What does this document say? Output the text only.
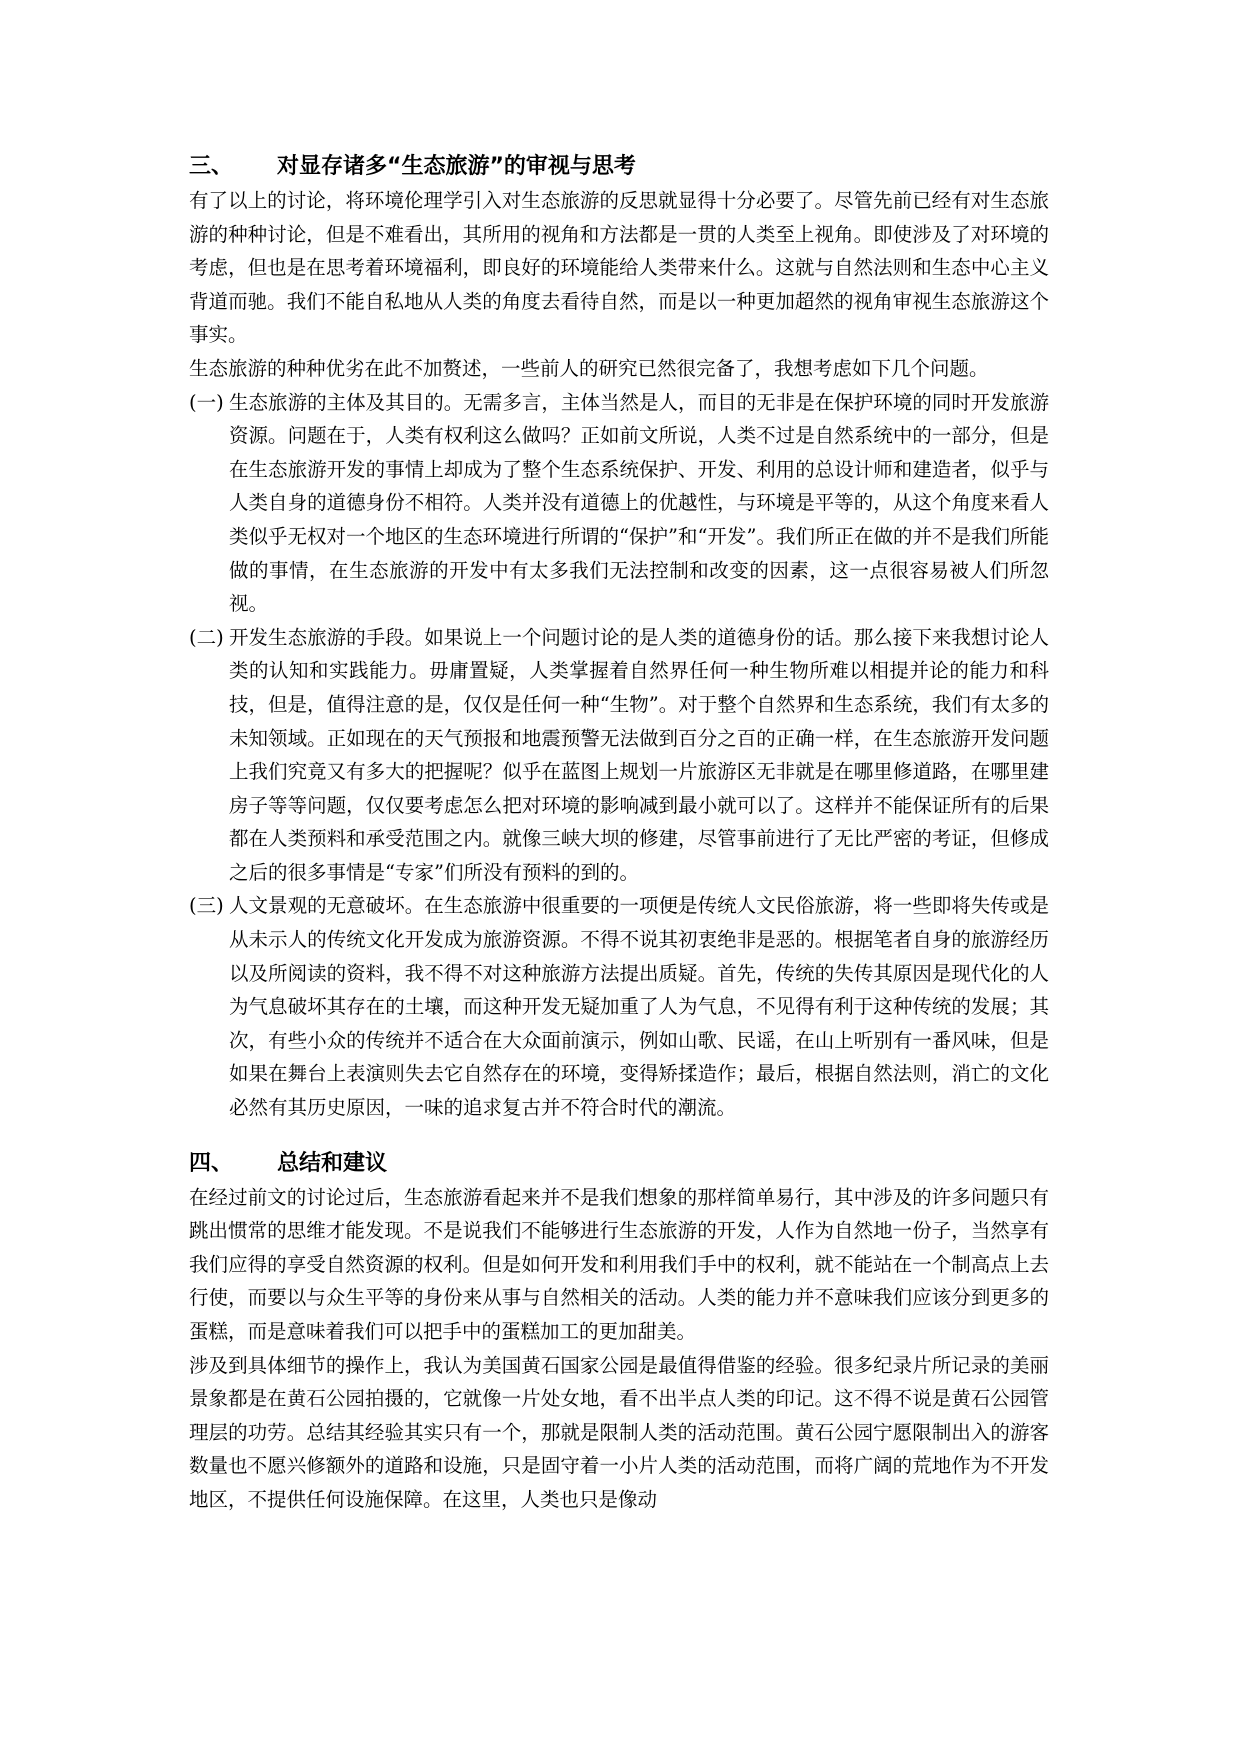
三、	对显存诸多“生态旅游”的审视与思考

有了以上的讨论，将环境伦理学引入对生态旅游的反思就显得十分必要了。尽管先前已经有对生态旅游的种种讨论，但是不难看出，其所用的视角和方法都是一贯的人类至上视角。即使涉及了对环境的考虑，但也是在思考着环境福利，即良好的环境能给人类带来什么。这就与自然法则和生态中心主义背道而驰。我们不能自私地从人类的角度去看待自然，而是以一种更加超然的视角审视生态旅游这个事实。

生态旅游的种种优劣在此不加赘述，一些前人的研究已然很完备了，我想考虑如下几个问题。

(一) 生态旅游的主体及其目的。无需多言，主体当然是人，而目的无非是在保护环境的同时开发旅游资源。问题在于，人类有权利这么做吗？正如前文所说，人类不过是自然系统中的一部分，但是在生态旅游开发的事情上却成为了整个生态系统保护、开发、利用的总设计师和建造者，似乎与人类自身的道德身份不相符。人类并没有道德上的优越性，与环境是平等的，从这个角度来看人类似乎无权对一个地区的生态环境进行所谓的“保护”和“开发”。我们所正在做的并不是我们所能做的事情，在生态旅游的开发中有太多我们无法控制和改变的因素，这一点很容易被人们所忽视。
(二) 开发生态旅游的手段。如果说上一个问题讨论的是人类的道德身份的话。那么接下来我想讨论人类的认知和实践能力。毋庸置疑，人类掌握着自然界任何一种生物所难以相提并论的能力和科技，但是，值得注意的是，仅仅是任何一种“生物”。对于整个自然界和生态系统，我们有太多的未知领域。正如现在的天气预报和地震预警无法做到百分之百的正确一样，在生态旅游开发问题上我们究竟又有多大的把握呢？似乎在蓝图上规划一片旅游区无非就是在哪里修道路，在哪里建房子等等问题，仅仅要考虑怎么把对环境的影响减到最小就可以了。这样并不能保证所有的后果都在人类预料和承受范围之内。就像三峡大坝的修建，尽管事前进行了无比严密的考证，但修成之后的很多事情是“专家”们所没有预料的到的。
(三) 人文景观的无意破坏。在生态旅游中很重要的一项便是传统人文民俗旅游，将一些即将失传或是从未示人的传统文化开发成为旅游资源。不得不说其初衷绝非是恶的。根据笔者自身的旅游经历以及所阅读的资料，我不得不对这种旅游方法提出质疑。首先，传统的失传其原因是现代化的人为气息破坏其存在的土壤，而这种开发无疑加重了人为气息，不见得有利于这种传统的发展；其次，有些小众的传统并不适合在大众面前演示，例如山歌、民谣，在山上听别有一番风味，但是如果在舞台上表演则失去它自然存在的环境，变得矫揉造作；最后，根据自然法则，消亡的文化必然有其历史原因，一味的追求复古并不符合时代的潮流。
四、	总结和建议

在经过前文的讨论过后，生态旅游看起来并不是我们想象的那样简单易行，其中涉及的许多问题只有跳出惯常的思维才能发现。不是说我们不能够进行生态旅游的开发，人作为自然地一份子，当然享有我们应得的享受自然资源的权利。但是如何开发和利用我们手中的权利，就不能站在一个制高点上去行使，而要以与众生平等的身份来从事与自然相关的活动。人类的能力并不意味我们应该分到更多的蛋糕，而是意味着我们可以把手中的蛋糕加工的更加甜美。

涉及到具体细节的操作上，我认为美国黄石国家公园是最值得借鉴的经验。很多纪录片所记录的美丽景象都是在黄石公园拍摄的，它就像一片处女地，看不出半点人类的印记。这不得不说是黄石公园管理层的功劳。总结其经验其实只有一个，那就是限制人类的活动范围。黄石公园宁愿限制出入的游客数量也不愿兴修额外的道路和设施，只是固守着一小片人类的活动范围，而将广阔的荒地作为不开发地区，不提供任何设施保障。在这里，人类也只是像动
